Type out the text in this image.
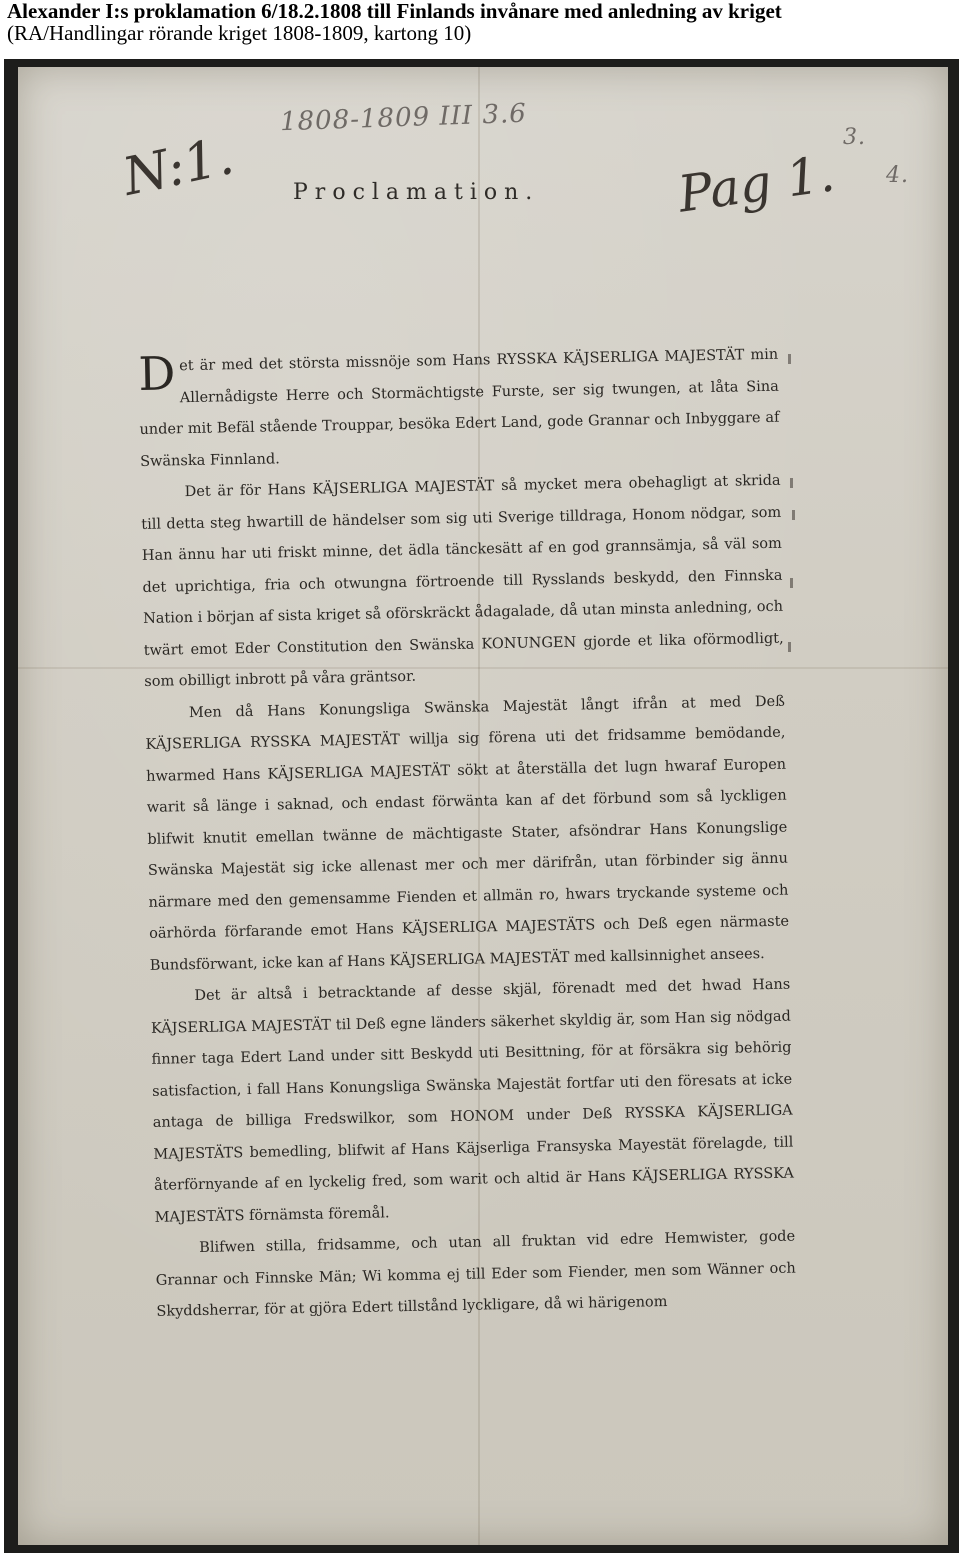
Alexander I:s proklamation 6/18.2.1808 till Finlands invånare med anledning av kriget
(RA/Handlingar rörande kriget 1808-1809, kartong 10)
1808-1809 III 3.6
N:1.	Pag 1.
3.
4.
Proclamation.

Det är med det största missnöje som Hans RYSSKA KÄJSERLIGA MAJESTÄT min Allernådigste Herre och Stormächtigste Furste, ser sig twungen, at låta Sina under mit Befäl stående Trouppar, besöka Edert Land, gode Grannar och Inbyggare af Swänska Finnland.

Det är för Hans KÄJSERLIGA MAJESTÄT så mycket mera obehagligt at skrida till detta steg hwartill de händelser som sig uti Sverige tilldraga, Honom nödgar, som Han ännu har uti friskt minne, det ädla tänckesätt af en god grannsämja, så väl som det uprichtiga, fria och otwungna förtroende till Rysslands beskydd, den Finnska Nation i början af sista kriget så oförskräckt ådagalade, då utan minsta anledning, och twärt emot Eder Constitution den Swänska KONUNGEN gjorde et lika oförmodligt, som obilligt inbrott på våra gräntsor.

Men då Hans Konungsliga Swänska Majestät långt ifrån at med Deß KÄJSERLIGA RYSSKA MAJESTÄT willja sig förena uti det fridsamme bemödande, hwarmed Hans KÄJSERLIGA MAJESTÄT sökt at återställa det lugn hwaraf Europen warit så länge i saknad, och endast förwänta kan af det förbund som så lyckligen blifwit knutit emellan twänne de mächtigaste Stater, afsöndrar Hans Konungslige Swänska Majestät sig icke allenast mer och mer därifrån, utan förbinder sig ännu närmare med den gemensamme Fienden et allmän ro, hwars tryckande systeme och oärhörda förfarande emot Hans KÄJSERLIGA MAJESTÄTS och Deß egen närmaste Bundsförwant, icke kan af Hans KÄJSERLIGA MAJESTÄT med kallsinnighet ansees.

Det är altså i betracktande af desse skjäl, förenadt med det hwad Hans KÄJSERLIGA MAJESTÄT til Deß egne länders säkerhet skyldig är, som Han sig nödgad finner taga Edert Land under sitt Beskydd uti Besittning, för at försäkra sig behörig satisfaction, i fall Hans Konungsliga Swänska Majestät fortfar uti den föresats at icke antaga de billiga Fredswilkor, som HONOM under Deß RYSSKA KÄJSERLIGA MAJESTÄTS bemedling, blifwit af Hans Käjserliga Fransyska Mayestät förelagde, till återförnyande af en lyckelig fred, som warit och altid är Hans KÄJSERLIGA RYSSKA MAJESTÄTS förnämsta föremål.

Blifwen stilla, fridsamme, och utan all fruktan vid edre Hemwister, gode Grannar och Finnske Män; Wi komma ej till Eder som Fiender, men som Wänner och Skyddsherrar, för at gjöra Edert tillstånd lyckligare, då wi härigenom
